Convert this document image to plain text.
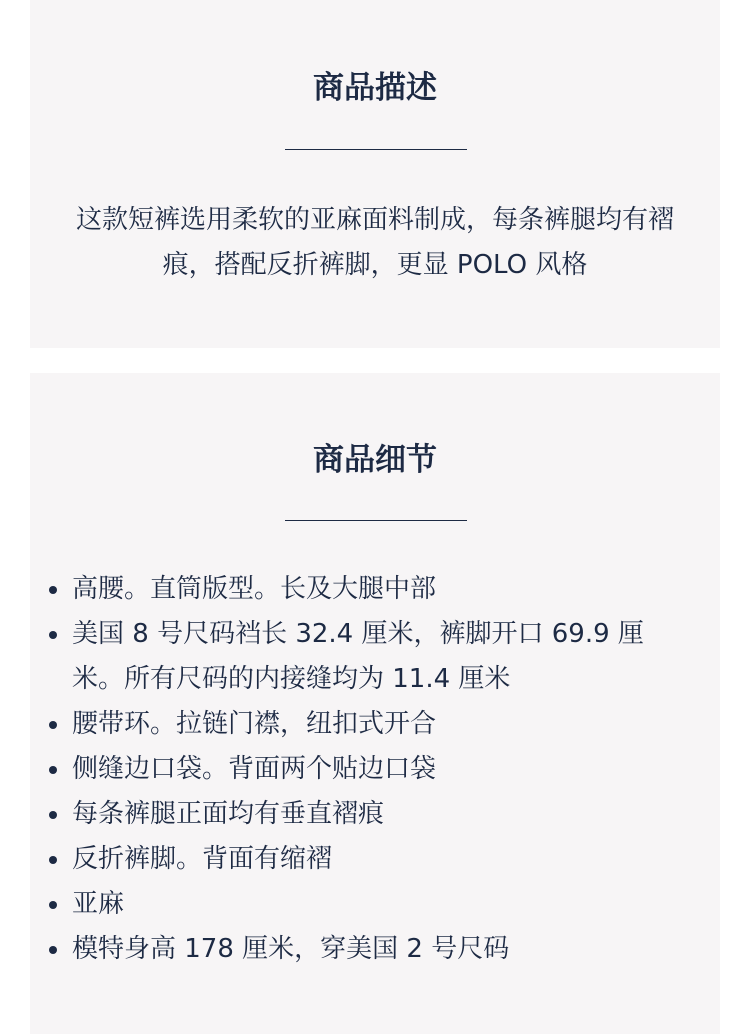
商品描述

这款短裤选用柔软的亚麻面料制成，每条裤腿均有褶痕，搭配反折裤脚，更显 POLO 风格

商品细节
高腰。直筒版型。长及大腿中部
美国 8 号尺码裆长 32.4 厘米，裤脚开口 69.9 厘米。所有尺码的内接缝均为 11.4 厘米
腰带环。拉链门襟，纽扣式开合
侧缝边口袋。背面两个贴边口袋
每条裤腿正面均有垂直褶痕
反折裤脚。背面有缩褶
亚麻
模特身高 178 厘米，穿美国 2 号尺码
